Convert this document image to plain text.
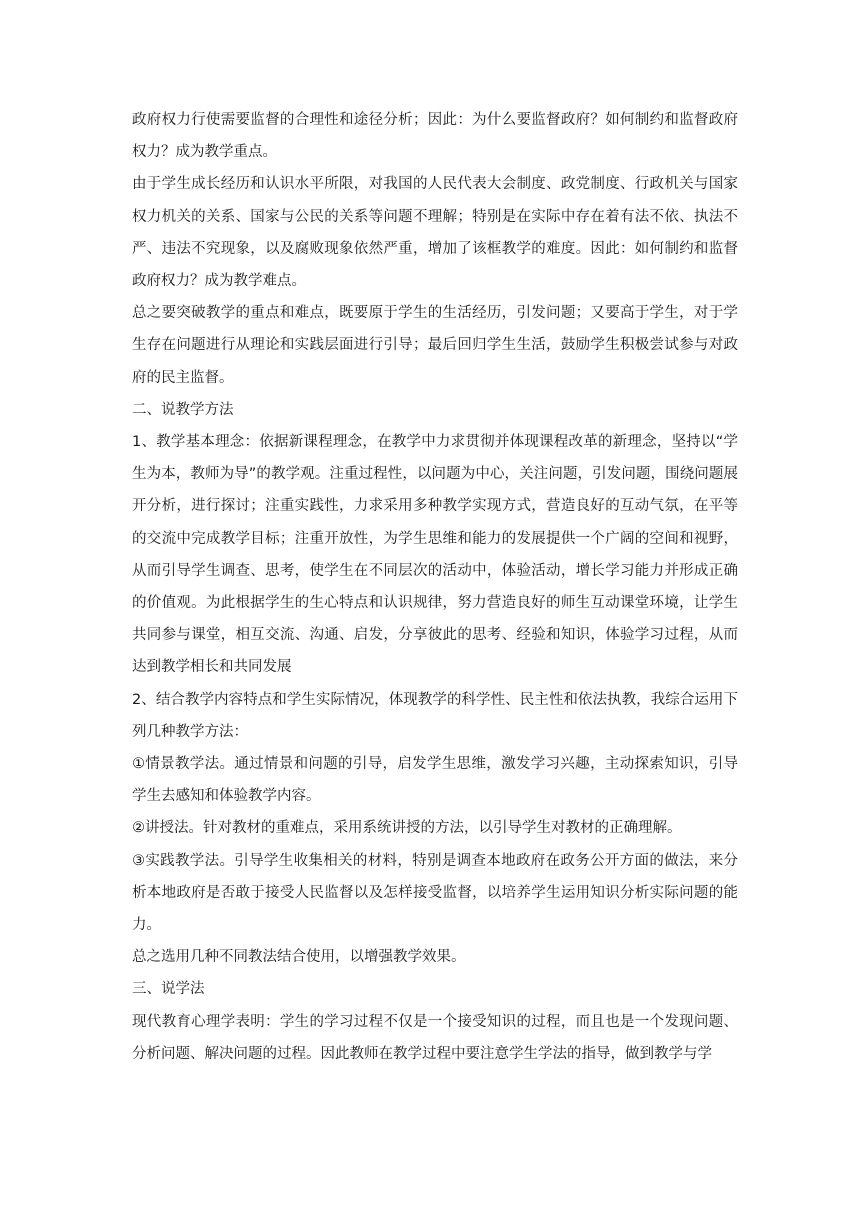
政府权力行使需要监督的合理性和途径分析；因此：为什么要监督政府？如何制约和监督政府权力？成为教学重点。

由于学生成长经历和认识水平所限，对我国的人民代表大会制度、政党制度、行政机关与国家权力机关的关系、国家与公民的关系等问题不理解；特别是在实际中存在着有法不依、执法不严、违法不究现象，以及腐败现象依然严重，增加了该框教学的难度。因此：如何制约和监督政府权力？成为教学难点。

总之要突破教学的重点和难点，既要原于学生的生活经历，引发问题；又要高于学生，对于学生存在问题进行从理论和实践层面进行引导；最后回归学生生活，鼓励学生积极尝试参与对政府的民主监督。

二、说教学方法

1、教学基本理念：依据新课程理念，在教学中力求贯彻并体现课程改革的新理念，坚持以“学生为本，教师为导”的教学观。注重过程性，以问题为中心，关注问题，引发问题，围绕问题展开分析，进行探讨；注重实践性，力求采用多种教学实现方式，营造良好的互动气氛，在平等的交流中完成教学目标；注重开放性，为学生思维和能力的发展提供一个广阔的空间和视野，从而引导学生调查、思考，使学生在不同层次的活动中，体验活动，增长学习能力并形成正确的价值观。为此根据学生的生心特点和认识规律，努力营造良好的师生互动课堂环境，让学生共同参与课堂，相互交流、沟通、启发，分享彼此的思考、经验和知识，体验学习过程，从而达到教学相长和共同发展

2、结合教学内容特点和学生实际情况，体现教学的科学性、民主性和依法执教，我综合运用下列几种教学方法：

①情景教学法。通过情景和问题的引导，启发学生思维，激发学习兴趣，主动探索知识，引导学生去感知和体验教学内容。

②讲授法。针对教材的重难点，采用系统讲授的方法，以引导学生对教材的正确理解。

③实践教学法。引导学生收集相关的材料，特别是调查本地政府在政务公开方面的做法，来分析本地政府是否敢于接受人民监督以及怎样接受监督，以培养学生运用知识分析实际问题的能力。

总之选用几种不同教法结合使用，以增强教学效果。

三、说学法

现代教育心理学表明：学生的学习过程不仅是一个接受知识的过程，而且也是一个发现问题、分析问题、解决问题的过程。因此教师在教学过程中要注意学生学法的指导，做到教学与学
